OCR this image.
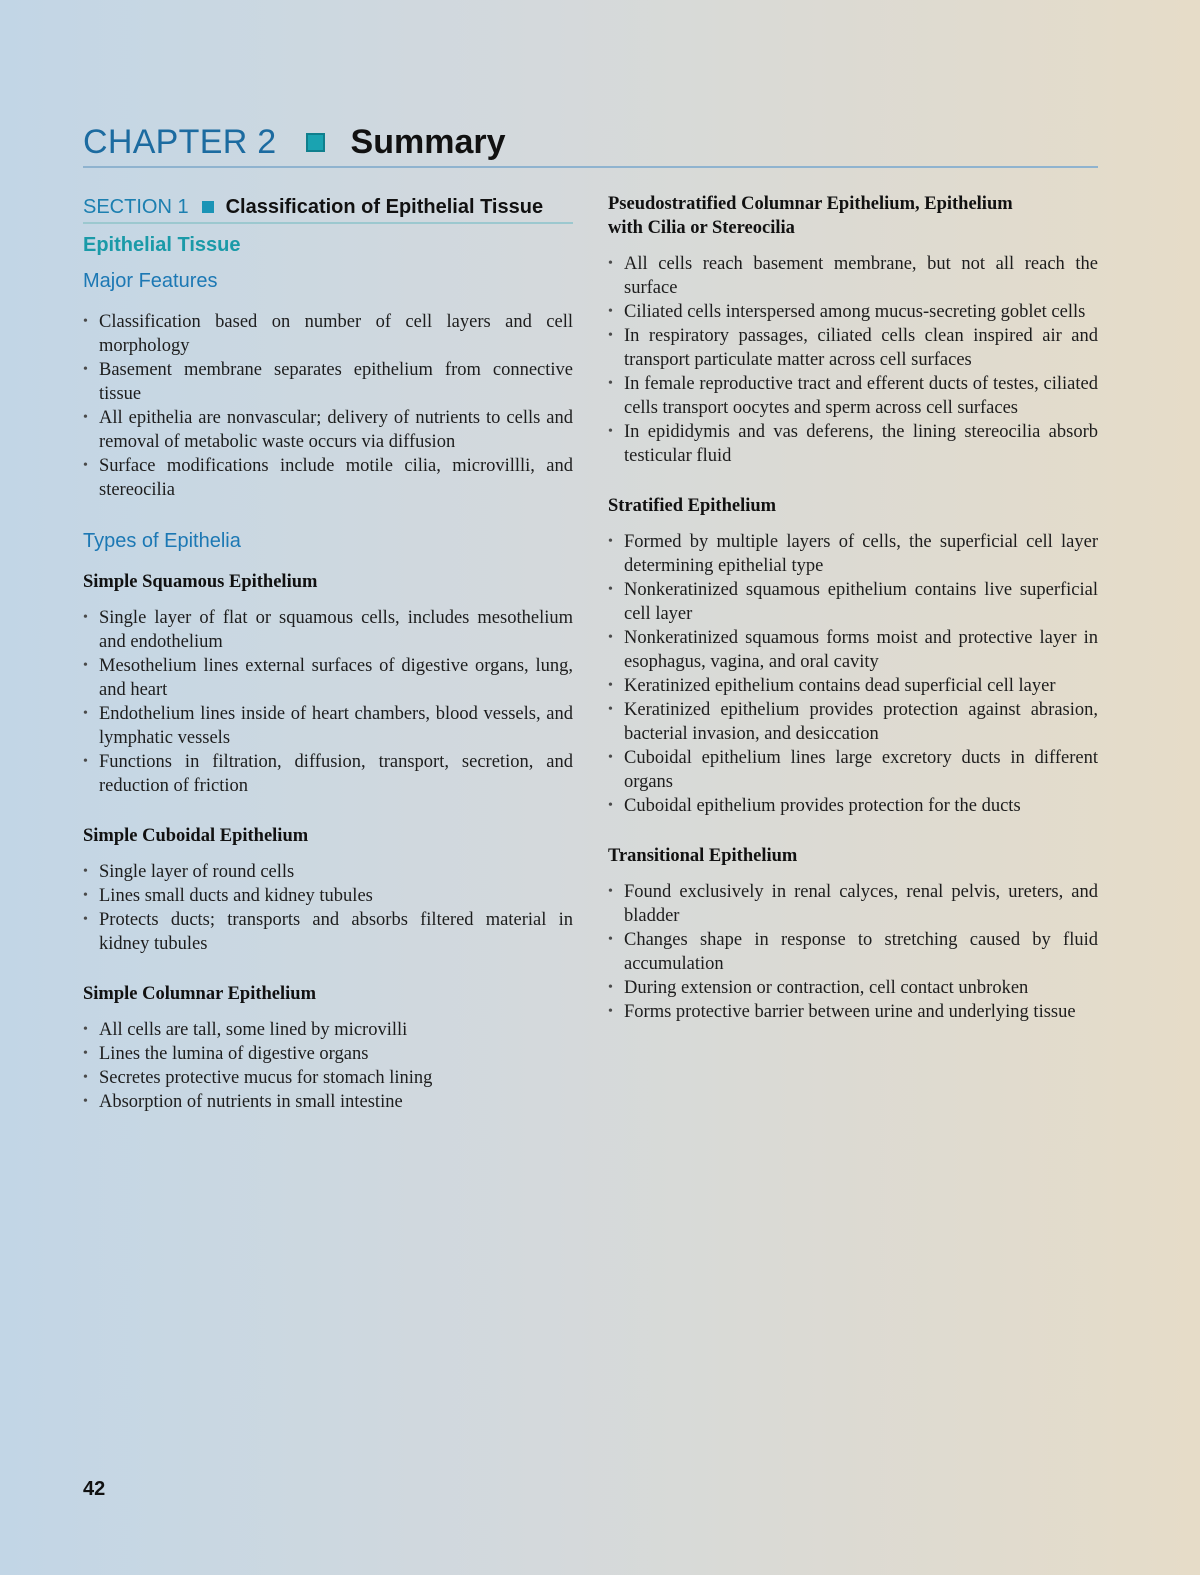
CHAPTER 2 Summary
SECTION 1 Classification of Epithelial Tissue
Epithelial Tissue
Major Features
• Classification based on number of cell layers and cell morphology
• Basement membrane separates epithelium from connective tissue
• All epithelia are nonvascular; delivery of nutrients to cells and removal of metabolic waste occurs via diffusion
• Surface modifications include motile cilia, microvillli, and stereocilia
Types of Epithelia
Simple Squamous Epithelium
• Single layer of flat or squamous cells, includes mesothelium and endothelium
• Mesothelium lines external surfaces of digestive organs, lung, and heart
• Endothelium lines inside of heart chambers, blood vessels, and lymphatic vessels
• Functions in filtration, diffusion, transport, secretion, and reduction of friction
Simple Cuboidal Epithelium
• Single layer of round cells
• Lines small ducts and kidney tubules
• Protects ducts; transports and absorbs filtered material in kidney tubules
Simple Columnar Epithelium
• All cells are tall, some lined by microvilli
• Lines the lumina of digestive organs
• Secretes protective mucus for stomach lining
• Absorption of nutrients in small intestine
Pseudostratified Columnar Epithelium, Epithelium
with Cilia or Stereocilia
• All cells reach basement membrane, but not all reach the surface
• Ciliated cells interspersed among mucus-secreting goblet cells
• In respiratory passages, ciliated cells clean inspired air and transport particulate matter across cell surfaces
• In female reproductive tract and efferent ducts of testes, ciliated cells transport oocytes and sperm across cell surfaces
• In epididymis and vas deferens, the lining stereocilia absorb testicular fluid
Stratified Epithelium
• Formed by multiple layers of cells, the superficial cell layer determining epithelial type
• Nonkeratinized squamous epithelium contains live superficial cell layer
• Nonkeratinized squamous forms moist and protective layer in esophagus, vagina, and oral cavity
• Keratinized epithelium contains dead superficial cell layer
• Keratinized epithelium provides protection against abrasion, bacterial invasion, and desiccation
• Cuboidal epithelium lines large excretory ducts in different organs
• Cuboidal epithelium provides protection for the ducts
Transitional Epithelium
• Found exclusively in renal calyces, renal pelvis, ureters, and bladder
• Changes shape in response to stretching caused by fluid accumulation
• During extension or contraction, cell contact unbroken
• Forms protective barrier between urine and underlying tissue
42
